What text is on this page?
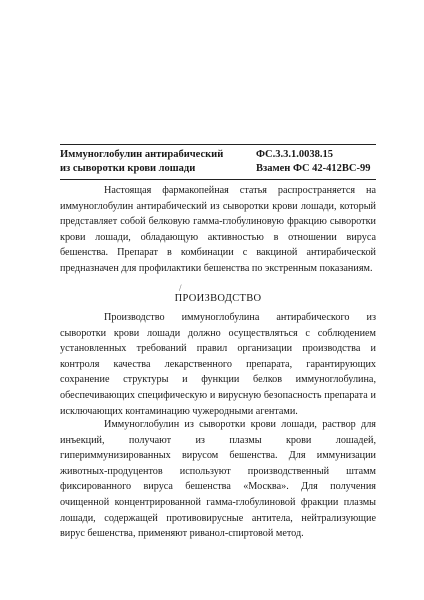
Иммуноглобулин антирабический	ФС.3.3.1.0038.15
из сыворотки крови лошади	Взамен ФС 42-412ВС-99

Настоящая фармакопейная статья распространяется на иммуноглобулин антирабический из сыворотки крови лошади, который представляет собой белковую гамма-глобулиновую фракцию сыворотки крови лошади, обладающую активностью в отношении вируса бешенства. Препарат в комбинации с вакциной антирабической предназначен для профилактики бешенства по экстренным показаниям.

/
ПРОИЗВОДСТВО

Производство иммуноглобулина антирабического из сыворотки крови лошади должно осуществляться с соблюдением установленных требований правил организации производства и контроля качества лекарственного препарата, гарантирующих сохранение структуры и функции белков иммуноглобулина, обеспечивающих специфическую и вирусную безопасность препарата и исключающих контаминацию чужеродными агентами.

Иммуноглобулин из сыворотки крови лошади, раствор для инъекций, получают из плазмы крови лошадей, гипериммунизированных вирусом бешенства. Для иммунизации животных-продуцентов используют производственный штамм фиксированного вируса бешенства «Москва». Для получения очищенной концентрированной гамма-глобулиновой фракции плазмы лошади, содержащей противовирусные антитела, нейтрализующие вирус бешенства, применяют риванол-спиртовой метод.
